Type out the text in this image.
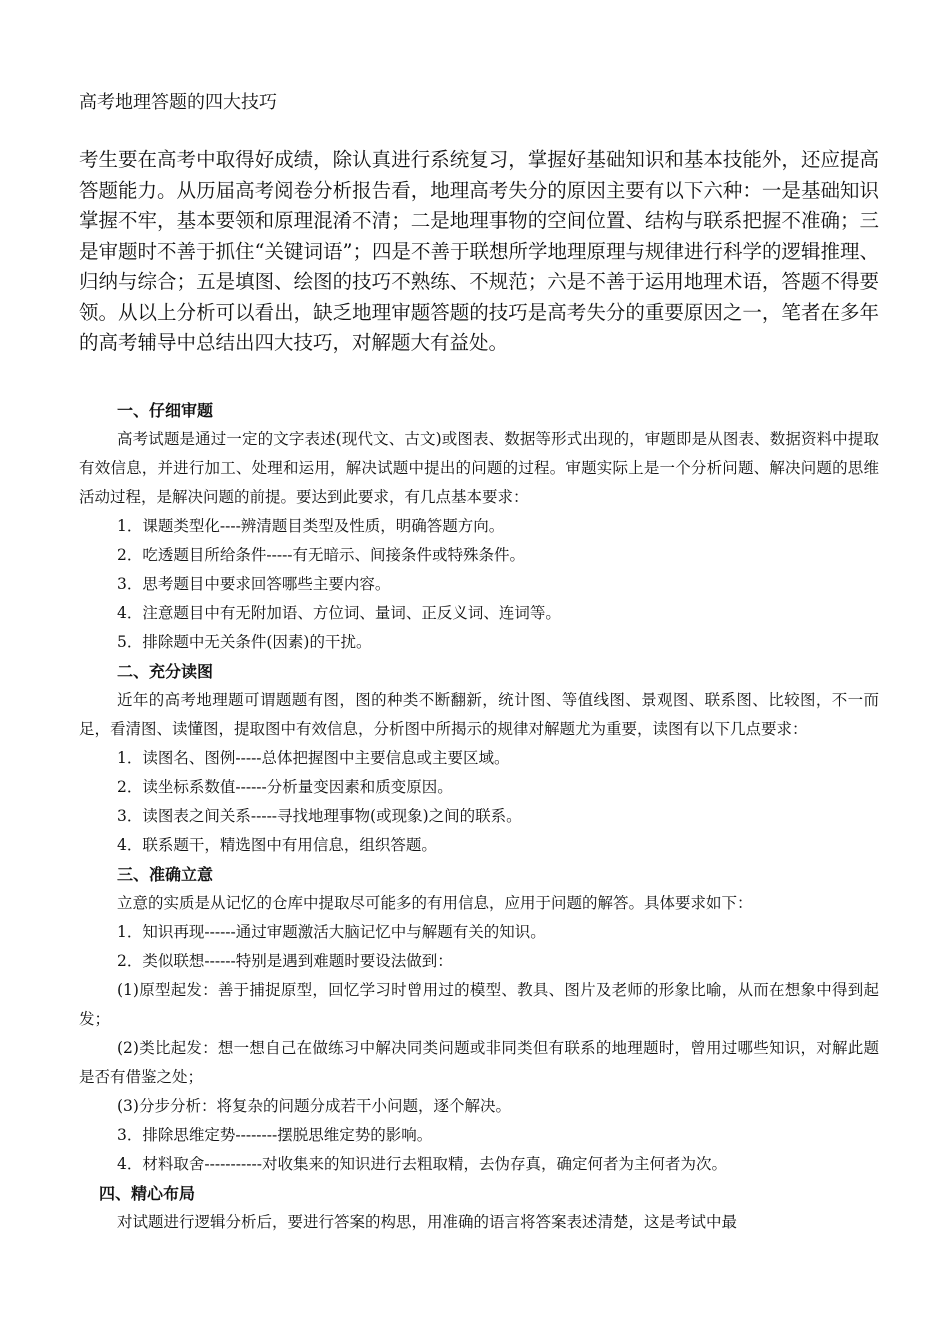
高考地理答题的四大技巧
考生要在高考中取得好成绩，除认真进行系统复习，掌握好基础知识和基本技能外，还应提高答题能力。从历届高考阅卷分析报告看，地理高考失分的原因主要有以下六种：一是基础知识掌握不牢，基本要领和原理混淆不清；二是地理事物的空间位置、结构与联系把握不准确；三是审题时不善于抓住“关键词语”；四是不善于联想所学地理原理与规律进行科学的逻辑推理、归纳与综合；五是填图、绘图的技巧不熟练、不规范；六是不善于运用地理术语，答题不得要领。从以上分析可以看出，缺乏地理审题答题的技巧是高考失分的重要原因之一，笔者在多年的高考辅导中总结出四大技巧，对解题大有益处。

一、仔细审题

高考试题是通过一定的文字表述(现代文、古文)或图表、数据等形式出现的，审题即是从图表、数据资料中提取有效信息，并进行加工、处理和运用，解决试题中提出的问题的过程。审题实际上是一个分析问题、解决问题的思维活动过程，是解决问题的前提。要达到此要求，有几点基本要求：

1．课题类型化----辨清题目类型及性质，明确答题方向。

2．吃透题目所给条件-----有无暗示、间接条件或特殊条件。

3．思考题目中要求回答哪些主要内容。

4．注意题目中有无附加语、方位词、量词、正反义词、连词等。

5．排除题中无关条件(因素)的干扰。

二、充分读图

近年的高考地理题可谓题题有图，图的种类不断翻新，统计图、等值线图、景观图、联系图、比较图，不一而足，看清图、读懂图，提取图中有效信息，分析图中所揭示的规律对解题尤为重要，读图有以下几点要求：

1．读图名、图例-----总体把握图中主要信息或主要区域。

2．读坐标系数值------分析量变因素和质变原因。

3．读图表之间关系-----寻找地理事物(或现象)之间的联系。

4．联系题干，精选图中有用信息，组织答题。

三、准确立意

立意的实质是从记忆的仓库中提取尽可能多的有用信息，应用于问题的解答。具体要求如下：

1．知识再现------通过审题激活大脑记忆中与解题有关的知识。

2．类似联想------特别是遇到难题时要设法做到：

(1)原型起发：善于捕捉原型，回忆学习时曾用过的模型、教具、图片及老师的形象比喻，从而在想象中得到起发；

(2)类比起发：想一想自己在做练习中解决同类问题或非同类但有联系的地理题时，曾用过哪些知识，对解此题是否有借鉴之处；

(3)分步分析：将复杂的问题分成若干小问题，逐个解决。

3．排除思维定势--------摆脱思维定势的影响。

4．材料取舍-----------对收集来的知识进行去粗取精，去伪存真，确定何者为主何者为次。

四、精心布局

对试题进行逻辑分析后，要进行答案的构思，用准确的语言将答案表述清楚，这是考试中最
